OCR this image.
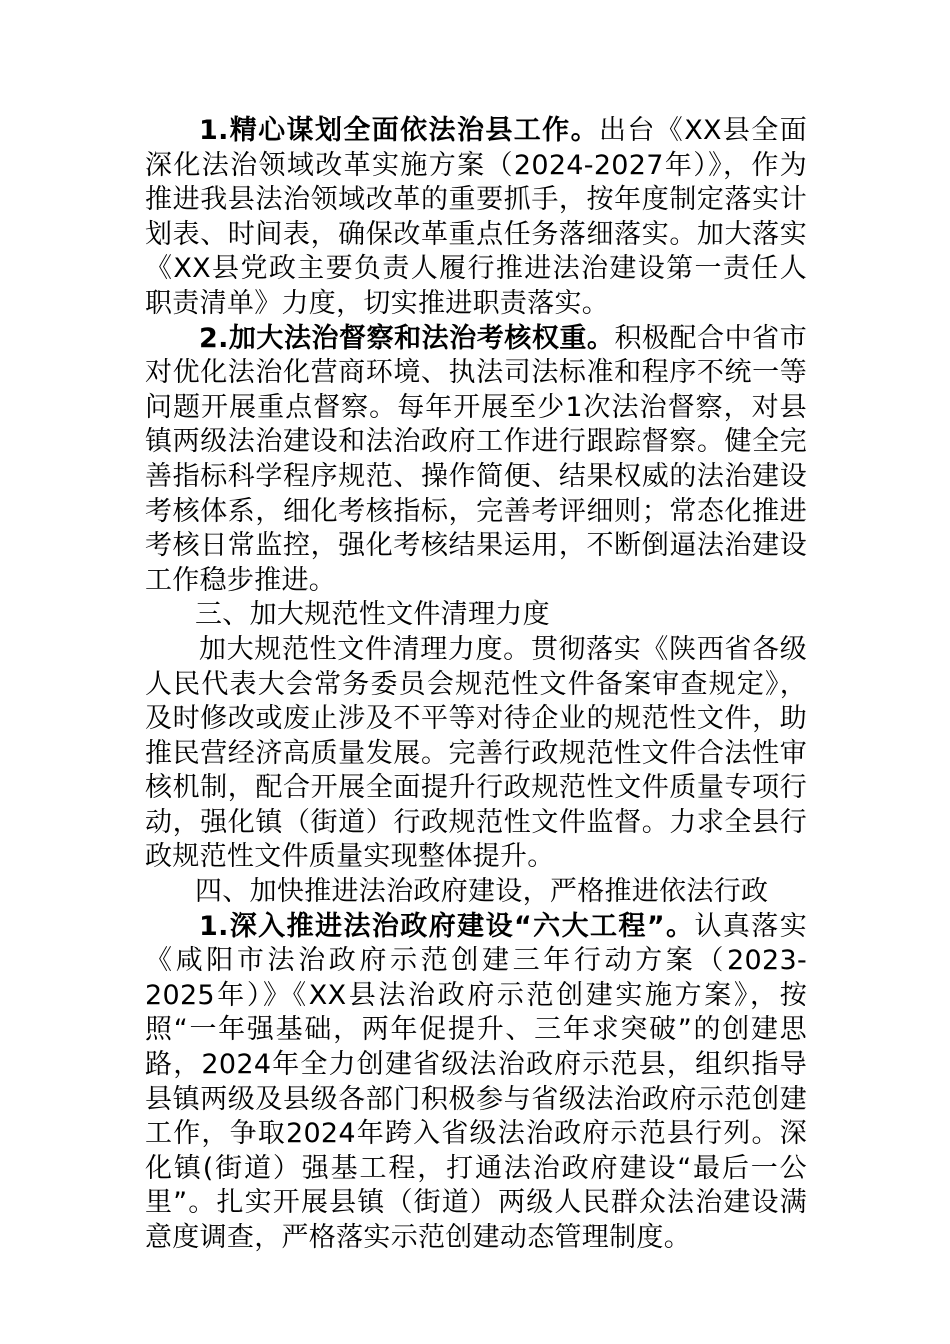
1.精心谋划全面依法治县工作。出台《XX县全面深化法治领域改革实施方案（2024-2027年）》，作为推进我县法治领域改革的重要抓手，按年度制定落实计划表、时间表，确保改革重点任务落细落实。加大落实《XX县党政主要负责人履行推进法治建设第一责任人职责清单》力度，切实推进职责落实。

2.加大法治督察和法治考核权重。积极配合中省市对优化法治化营商环境、执法司法标准和程序不统一等问题开展重点督察。每年开展至少1次法治督察，对县镇两级法治建设和法治政府工作进行跟踪督察。健全完善指标科学程序规范、操作简便、结果权威的法治建设考核体系，细化考核指标，完善考评细则；常态化推进考核日常监控，强化考核结果运用，不断倒逼法治建设工作稳步推进。

三、加大规范性文件清理力度

加大规范性文件清理力度。贯彻落实《陕西省各级人民代表大会常务委员会规范性文件备案审查规定》，及时修改或废止涉及不平等对待企业的规范性文件，助推民营经济高质量发展。完善行政规范性文件合法性审核机制，配合开展全面提升行政规范性文件质量专项行动，强化镇（街道）行政规范性文件监督。力求全县行政规范性文件质量实现整体提升。

四、加快推进法治政府建设，严格推进依法行政

1.深入推进法治政府建设“六大工程”。认真落实《咸阳市法治政府示范创建三年行动方案（2023-2025年）》《XX县法治政府示范创建实施方案》，按照“一年强基础，两年促提升、三年求突破”的创建思路，2024年全力创建省级法治政府示范县，组织指导县镇两级及县级各部门积极参与省级法治政府示范创建工作，争取2024年跨入省级法治政府示范县行列。深化镇(街道）强基工程，打通法治政府建设“最后一公里”。扎实开展县镇（街道）两级人民群众法治建设满意度调查，严格落实示范创建动态管理制度。
